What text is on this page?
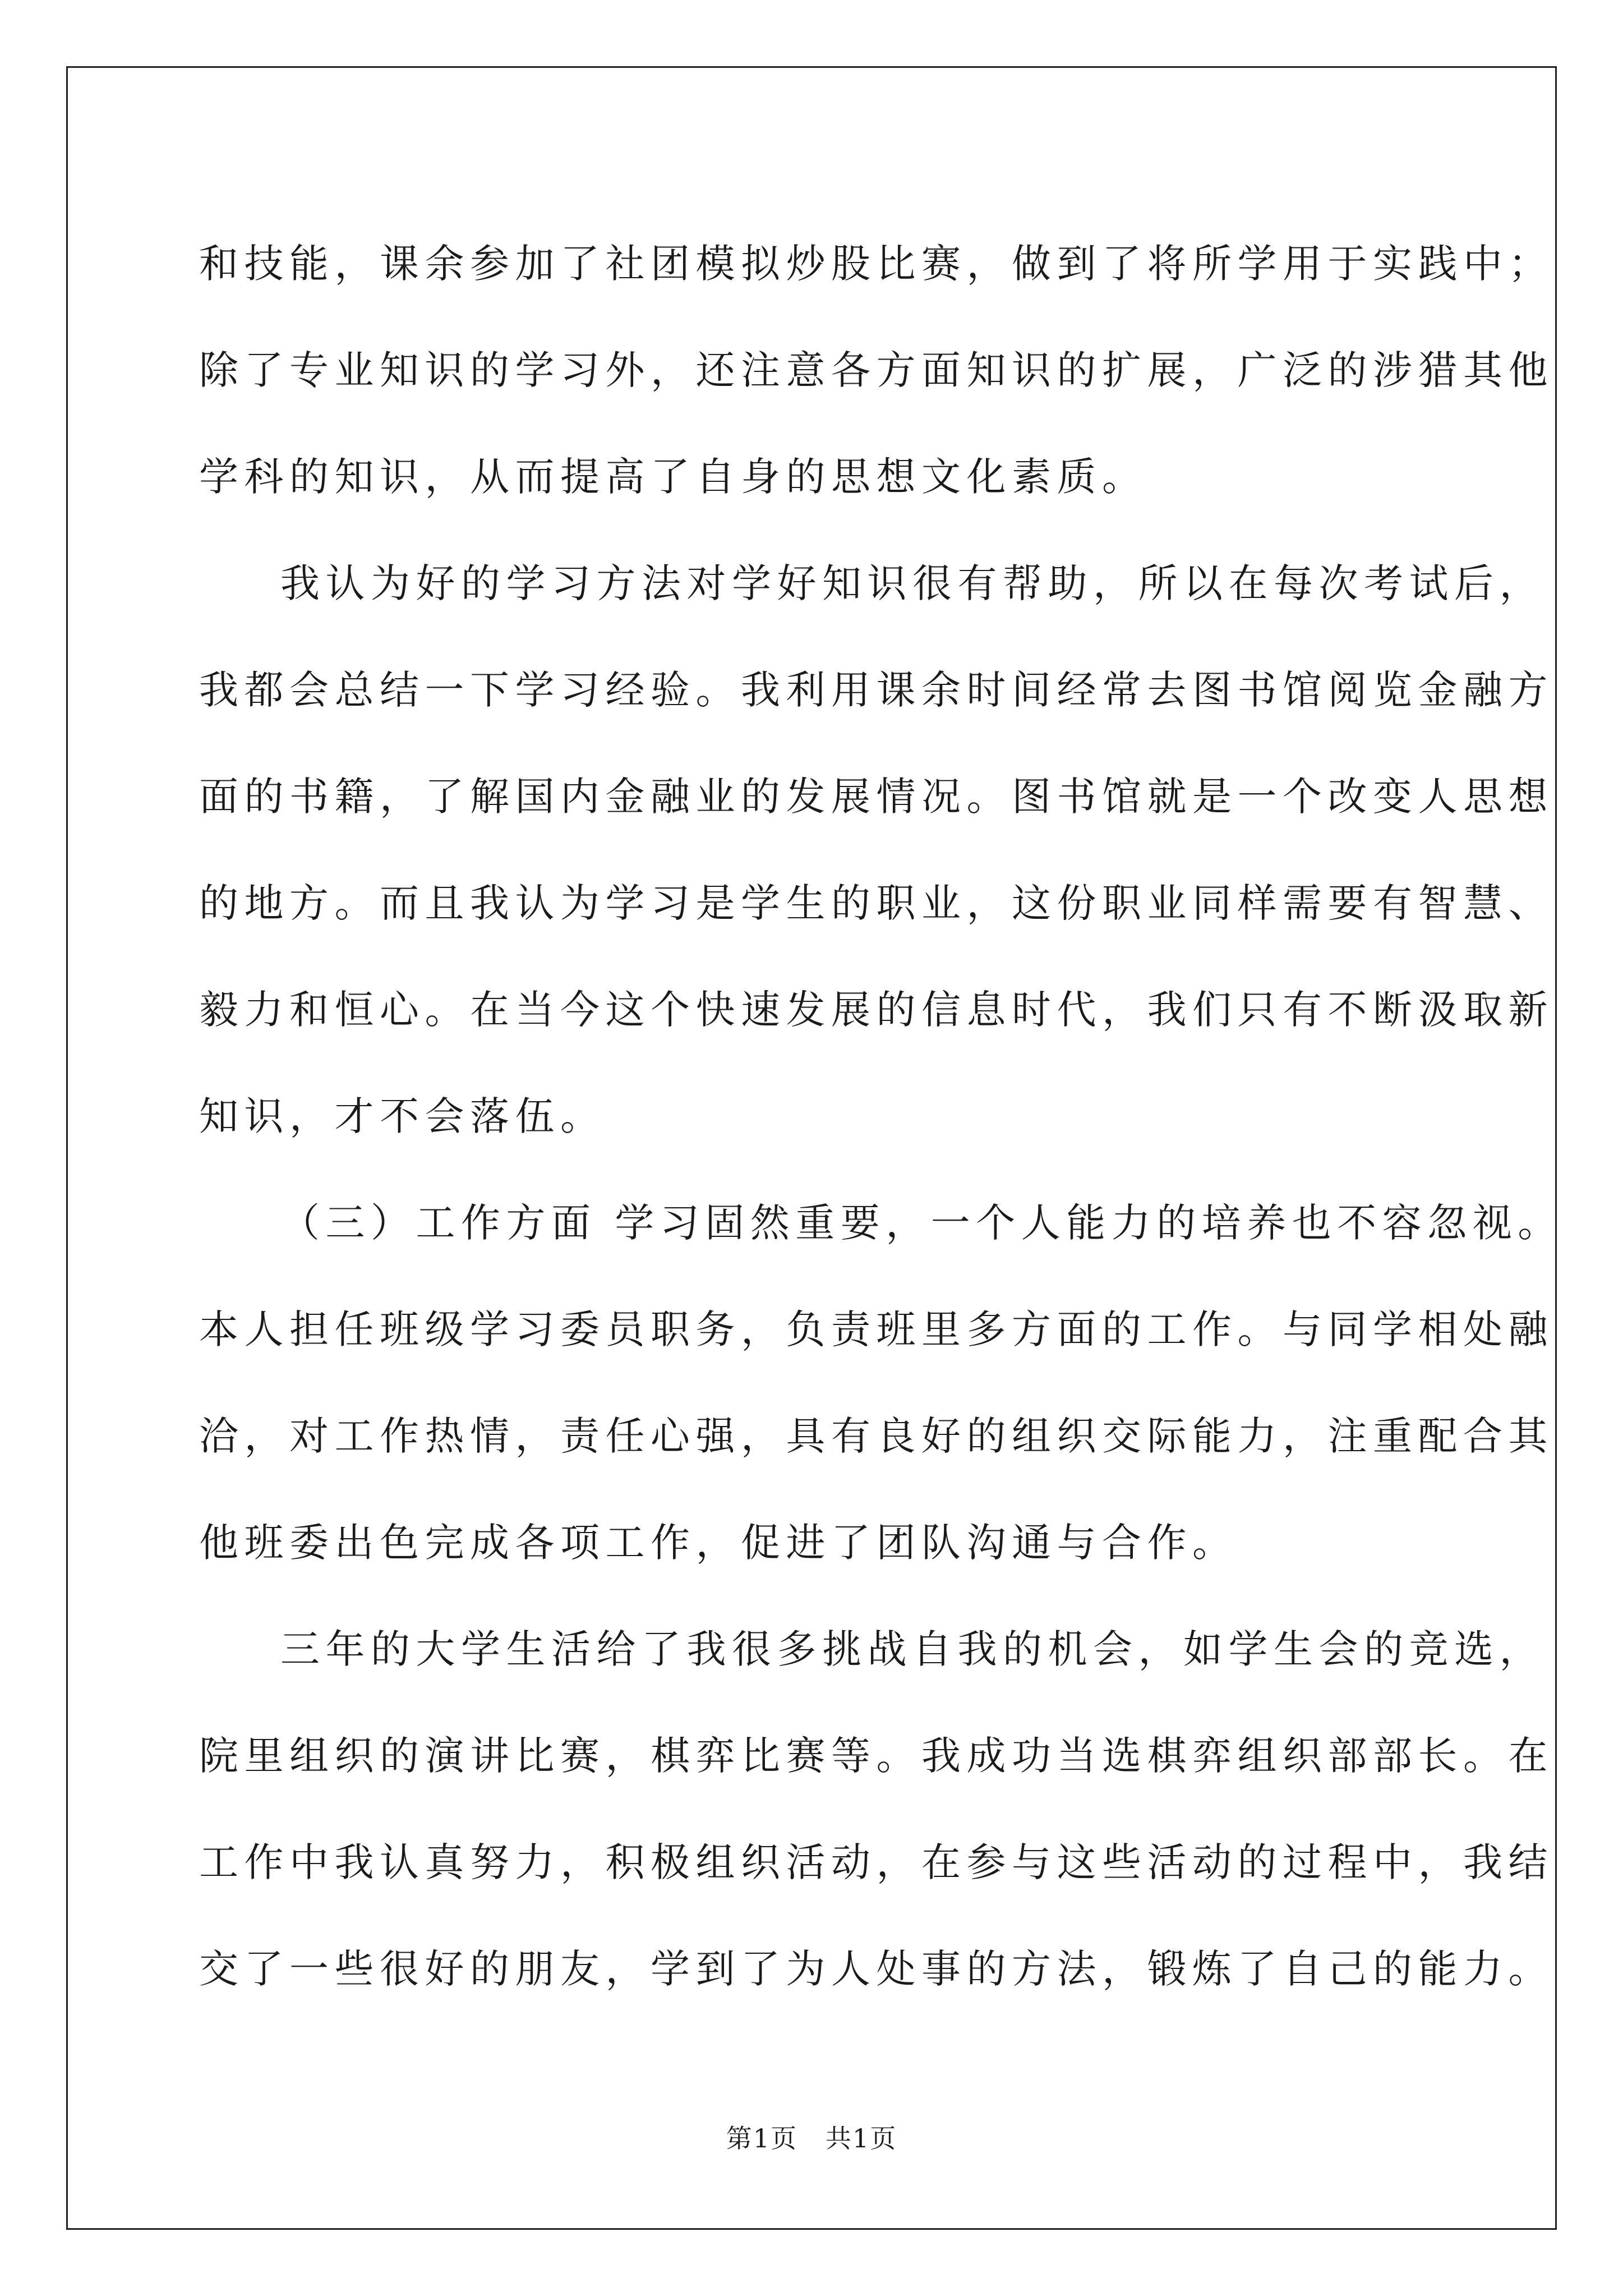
和技能，课余参加了社团模拟炒股比赛，做到了将所学用于实践中；
除了专业知识的学习外，还注意各方面知识的扩展，广泛的涉猎其他
学科的知识，从而提高了自身的思想文化素质。
我认为好的学习方法对学好知识很有帮助，所以在每次考试后，
我都会总结一下学习经验。我利用课余时间经常去图书馆阅览金融方
面的书籍，了解国内金融业的发展情况。图书馆就是一个改变人思想
的地方。而且我认为学习是学生的职业，这份职业同样需要有智慧、
毅力和恒心。在当今这个快速发展的信息时代，我们只有不断汲取新
知识，才不会落伍。
（三）工作方面 学习固然重要，一个人能力的培养也不容忽视。
本人担任班级学习委员职务，负责班里多方面的工作。与同学相处融
洽，对工作热情，责任心强，具有良好的组织交际能力，注重配合其
他班委出色完成各项工作，促进了团队沟通与合作。
三年的大学生活给了我很多挑战自我的机会，如学生会的竞选，
院里组织的演讲比赛，棋弈比赛等。我成功当选棋弈组织部部长。在
工作中我认真努力，积极组织活动，在参与这些活动的过程中，我结
交了一些很好的朋友，学到了为人处事的方法，锻炼了自己的能力。
第1页   共1页
